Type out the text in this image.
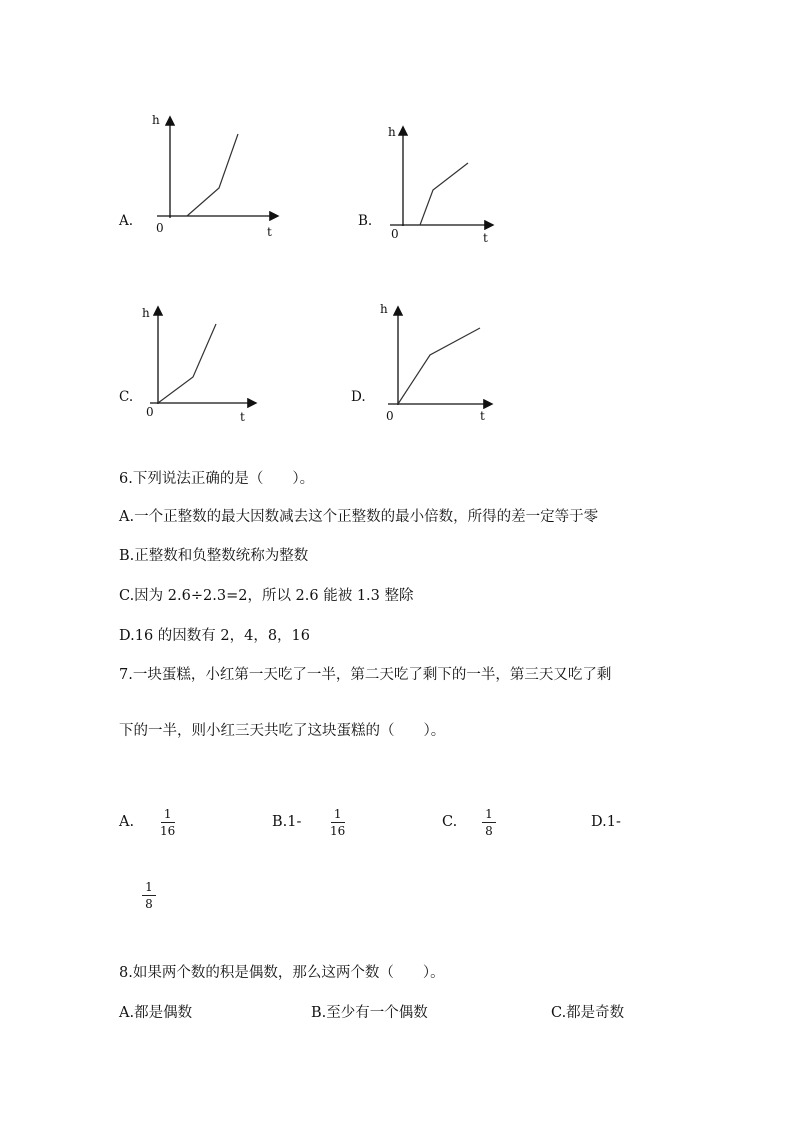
h
t
0
A.
h
t
0
B.
h
t
0
C.
h
t
0
D.
6.下列说法正确的是（　　）。
A.一个正整数的最大因数减去这个正整数的最小倍数，所得的差一定等于零
B.正整数和负整数统称为整数
C.因为 2.6÷2.3=2，所以 2.6 能被 1.3 整除
D.16 的因数有 2，4，8，16
7.一块蛋糕，小红第一天吃了一半，第二天吃了剩下的一半，第三天又吃了剩
下的一半，则小红三天共吃了这块蛋糕的（　　）。
A. 1
16
B.1-	1
16
C. 1
8
D.1-
1
8
8.如果两个数的积是偶数，那么这两个数（　　）。
A.都是偶数	B.至少有一个偶数	C.都是奇数
